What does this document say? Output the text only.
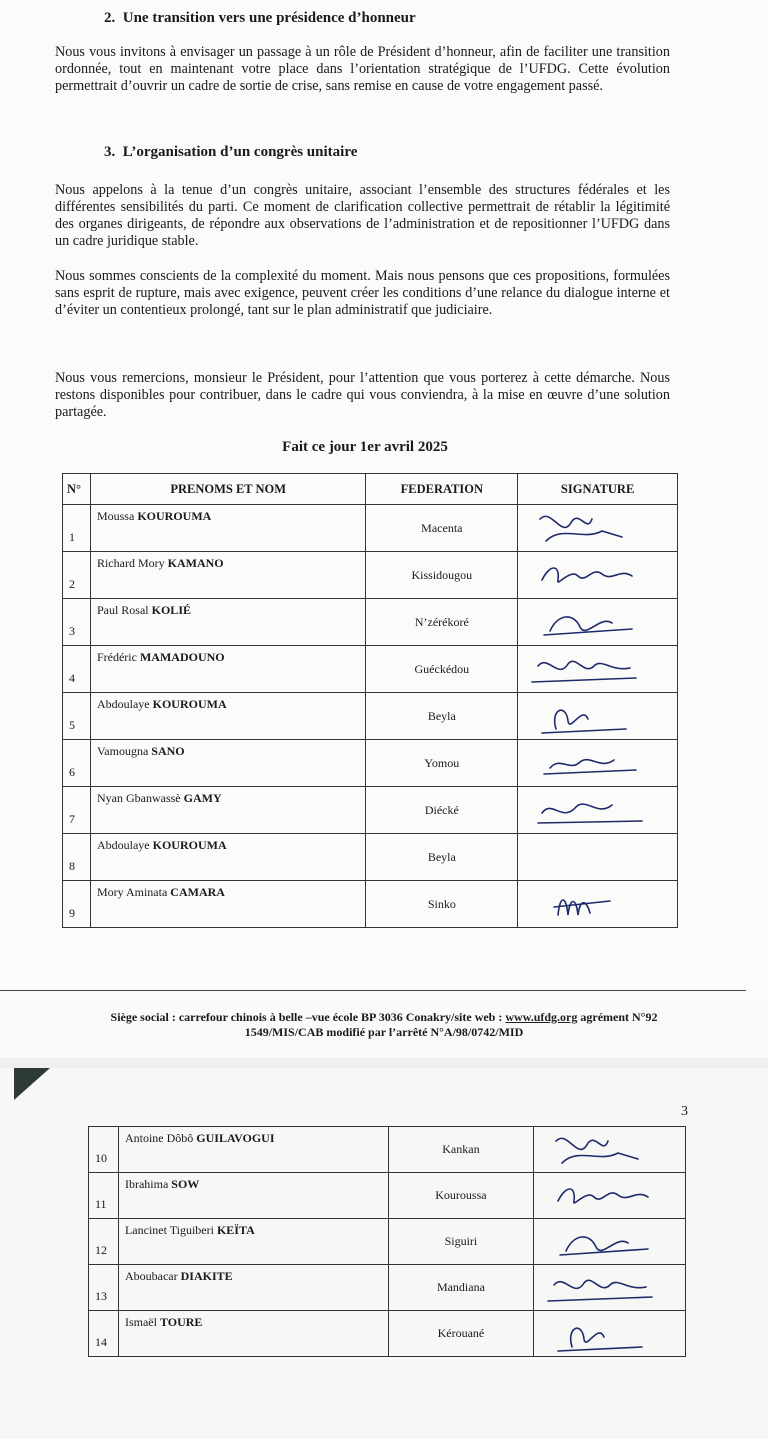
2. Une transition vers une présidence d’honneur
Nous vous invitons à envisager un passage à un rôle de Président d’honneur, afin de faciliter une transition ordonnée, tout en maintenant votre place dans l’orientation stratégique de l’UFDG. Cette évolution permettrait d’ouvrir un cadre de sortie de crise, sans remise en cause de votre engagement passé.
3. L’organisation d’un congrès unitaire
Nous appelons à la tenue d’un congrès unitaire, associant l’ensemble des structures fédérales et les différentes sensibilités du parti. Ce moment de clarification collective permettrait de rétablir la légitimité des organes dirigeants, de répondre aux observations de l’administration et de repositionner l’UFDG dans un cadre juridique stable.
Nous sommes conscients de la complexité du moment. Mais nous pensons que ces propositions, formulées sans esprit de rupture, mais avec exigence, peuvent créer les conditions d’une relance du dialogue interne et d’éviter un contentieux prolongé, tant sur le plan administratif que judiciaire.
Nous vous remercions, monsieur le Président, pour l’attention que vous porterez à cette démarche. Nous restons disponibles pour contribuer, dans le cadre qui vous conviendra, à la mise en œuvre d’une solution partagée.
Fait ce jour 1er avril 2025
N°	PRENOMS ET NOM	FEDERATION	SIGNATURE
1	Moussa KOUROUMA	Macenta	

2	Richard Mory KAMANO	Kissidougou	

3	Paul Rosal KOLIÉ	N’zérékoré	

4	Frédéric MAMADOUNO	Guéckédou	

5	Abdoulaye KOUROUMA	Beyla	

6	Vamougna SANO	Yomou	

7	Nyan Gbanwassè GAMY	Diécké	

8	Abdoulaye KOUROUMA	Beyla	
9	Mory Aminata CAMARA	Sinko	
Siège social : carrefour chinois à belle –vue école BP 3036 Conakry/site web : www.ufdg.org agrément N°92
1549/MIS/CAB modifié par l’arrêté N°A/98/0742/MID
3
10	Antoine Dôbô GUILAVOGUI	Kankan	

11	Ibrahima SOW	Kouroussa	

12	Lancinet Tiguiberi KEÏTA	Siguiri	

13	Aboubacar DIAKITE	Mandiana	

14	Ismaël TOURE	Kérouané	
